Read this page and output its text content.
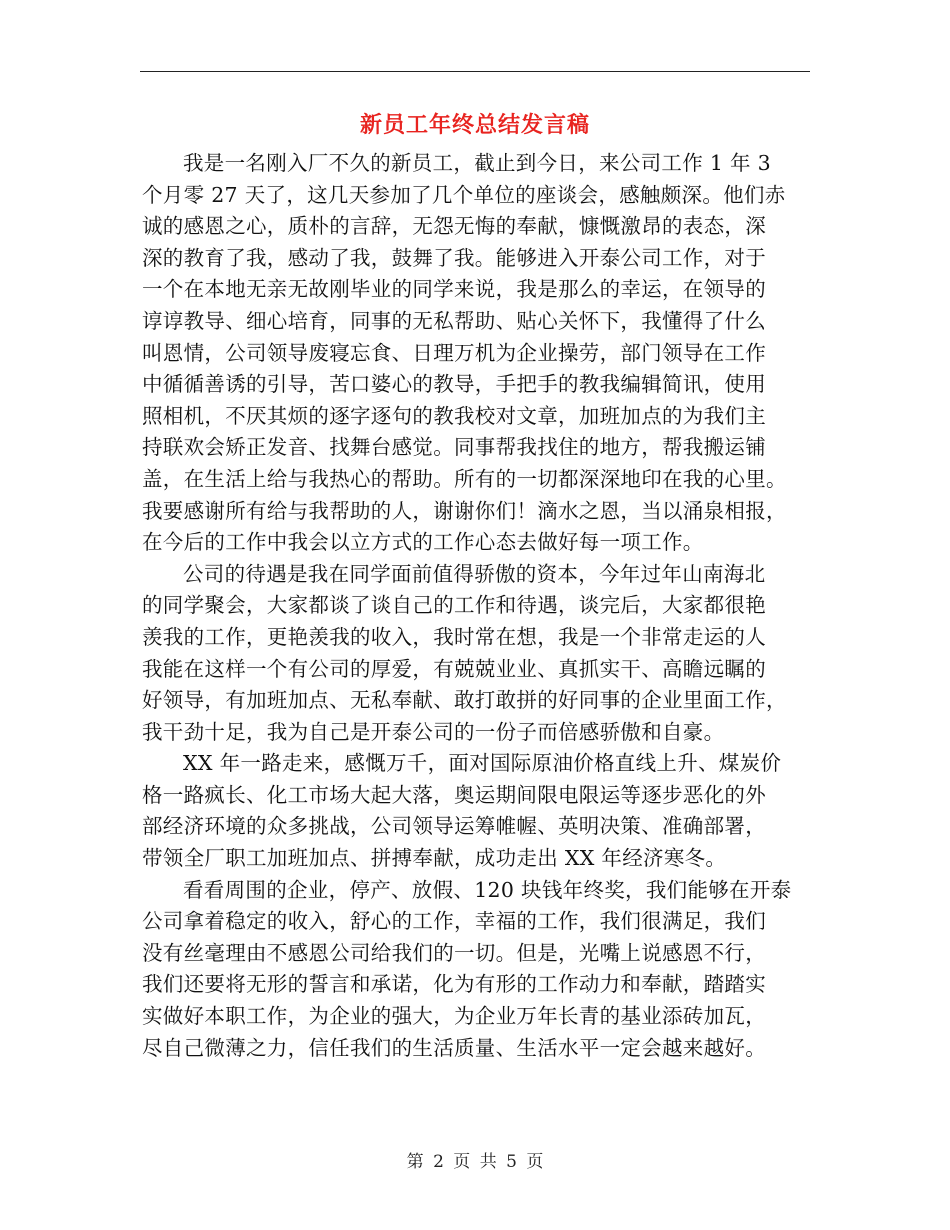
新员工年终总结发言稿
我是一名刚入厂不久的新员工，截止到今日，来公司工作 1 年 3
个月零 27 天了，这几天参加了几个单位的座谈会，感触颇深。他们赤
诚的感恩之心，质朴的言辞，无怨无悔的奉献，慷慨激昂的表态，深
深的教育了我，感动了我，鼓舞了我。能够进入开泰公司工作，对于
一个在本地无亲无故刚毕业的同学来说，我是那么的幸运，在领导的
谆谆教导、细心培育，同事的无私帮助、贴心关怀下，我懂得了什么
叫恩情，公司领导废寝忘食、日理万机为企业操劳，部门领导在工作
中循循善诱的引导，苦口婆心的教导，手把手的教我编辑简讯，使用
照相机，不厌其烦的逐字逐句的教我校对文章，加班加点的为我们主
持联欢会矫正发音、找舞台感觉。同事帮我找住的地方，帮我搬运铺
盖，在生活上给与我热心的帮助。所有的一切都深深地印在我的心里。
我要感谢所有给与我帮助的人，谢谢你们！滴水之恩，当以涌泉相报，
在今后的工作中我会以立方式的工作心态去做好每一项工作。
公司的待遇是我在同学面前值得骄傲的资本，今年过年山南海北
的同学聚会，大家都谈了谈自己的工作和待遇，谈完后，大家都很艳
羡我的工作，更艳羡我的收入，我时常在想，我是一个非常走运的人
我能在这样一个有公司的厚爱，有兢兢业业、真抓实干、高瞻远瞩的
好领导，有加班加点、无私奉献、敢打敢拼的好同事的企业里面工作，
我干劲十足，我为自己是开泰公司的一份子而倍感骄傲和自豪。
XX 年一路走来，感慨万千，面对国际原油价格直线上升、煤炭价
格一路疯长、化工市场大起大落，奥运期间限电限运等逐步恶化的外
部经济环境的众多挑战，公司领导运筹帷幄、英明决策、准确部署，
带领全厂职工加班加点、拼搏奉献，成功走出 XX 年经济寒冬。
看看周围的企业，停产、放假、120 块钱年终奖，我们能够在开泰
公司拿着稳定的收入，舒心的工作，幸福的工作，我们很满足，我们
没有丝毫理由不感恩公司给我们的一切。但是，光嘴上说感恩不行，
我们还要将无形的誓言和承诺，化为有形的工作动力和奉献，踏踏实
实做好本职工作，为企业的强大，为企业万年长青的基业添砖加瓦，
尽自己微薄之力，信任我们的生活质量、生活水平一定会越来越好。
第 2 页 共 5 页
